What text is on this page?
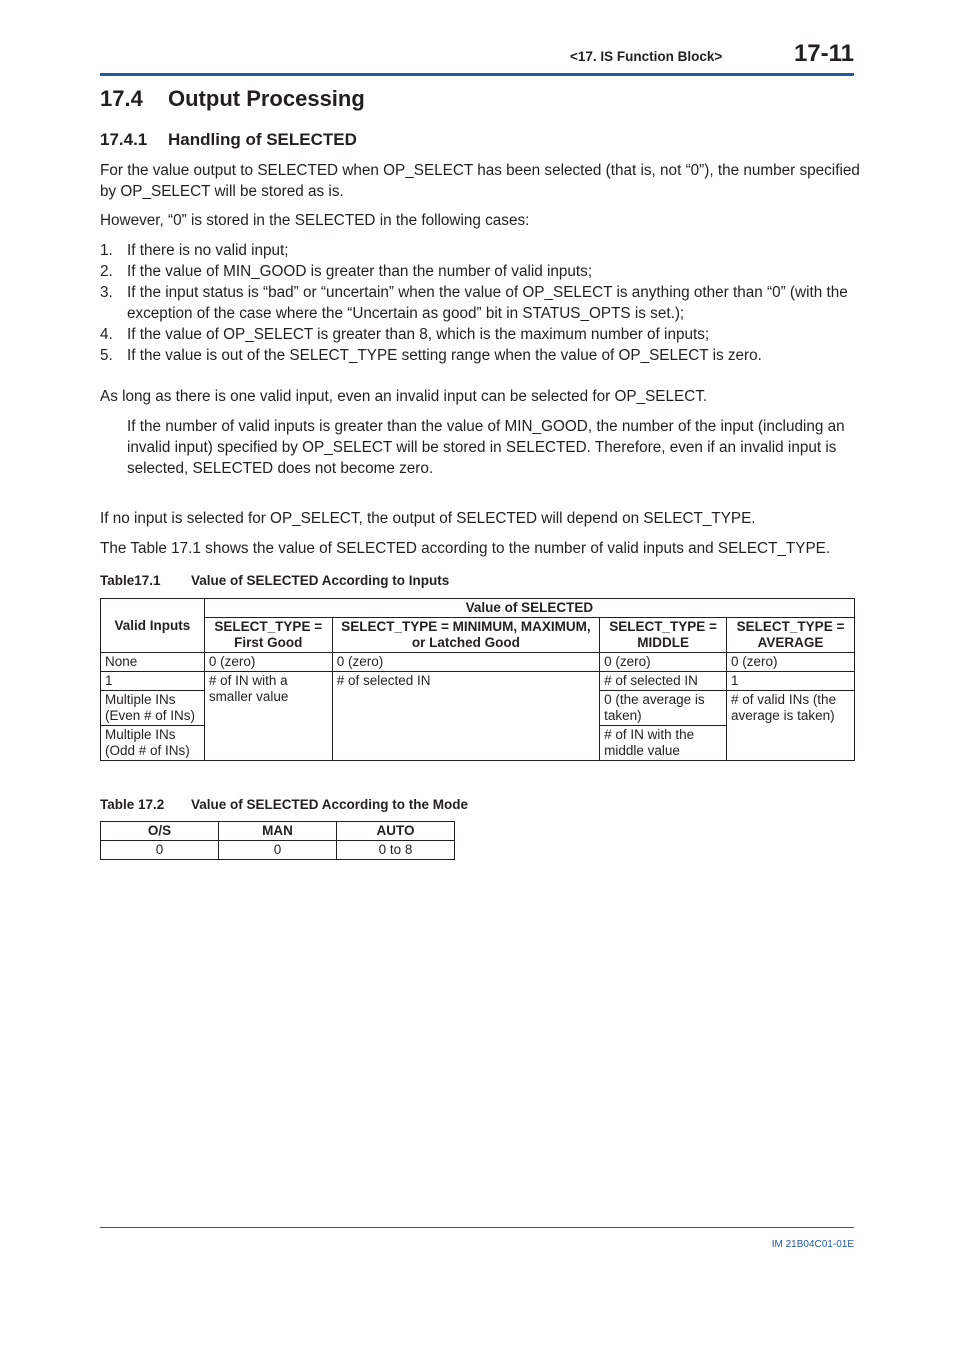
<17. IS Function Block>	17-11
17.4 Output Processing
17.4.1 Handling of SELECTED
For the value output to SELECTED when OP_SELECT has been selected (that is, not “0”), the number specified by OP_SELECT will be stored as is.
However, “0” is stored in the SELECTED in the following cases:
1. If there is no valid input;
2. If the value of MIN_GOOD is greater than the number of valid inputs;
3. If the input status is “bad” or “uncertain” when the value of OP_SELECT is anything other than “0” (with the exception of the case where the “Uncertain as good” bit in STATUS_OPTS is set.);
4. If the value of OP_SELECT is greater than 8, which is the maximum number of inputs;
5. If the value is out of the SELECT_TYPE setting range when the value of OP_SELECT is zero.
As long as there is one valid input, even an invalid input can be selected for OP_SELECT.
If the number of valid inputs is greater than the value of MIN_GOOD, the number of the input (including an invalid input) specified by OP_SELECT will be stored in SELECTED. Therefore, even if an invalid input is selected, SELECTED does not become zero.
If no input is selected for OP_SELECT, the output of SELECTED will depend on SELECT_TYPE.
The Table 17.1 shows the value of SELECTED according to the number of valid inputs and SELECT_TYPE.
Table17.1 Value of SELECTED According to Inputs
Valid Inputs	Value of SELECTED			
	SELECT_TYPE = First Good	SELECT_TYPE = MINIMUM, MAXIMUM, or Latched Good	SELECT_TYPE = MIDDLE	SELECT_TYPE = AVERAGE
None	0 (zero)	0 (zero)	0 (zero)	0 (zero)
1	# of IN with a smaller value	# of selected IN	# of selected IN	1
Multiple INs (Even # of INs)			0 (the average is taken)	# of valid INs (the average is taken)
Multiple INs (Odd # of INs)			# of IN with the middle value	
Table 17.2 Value of SELECTED According to the Mode
O/S	MAN	AUTO
0	0	0 to 8
IM 21B04C01-01E
